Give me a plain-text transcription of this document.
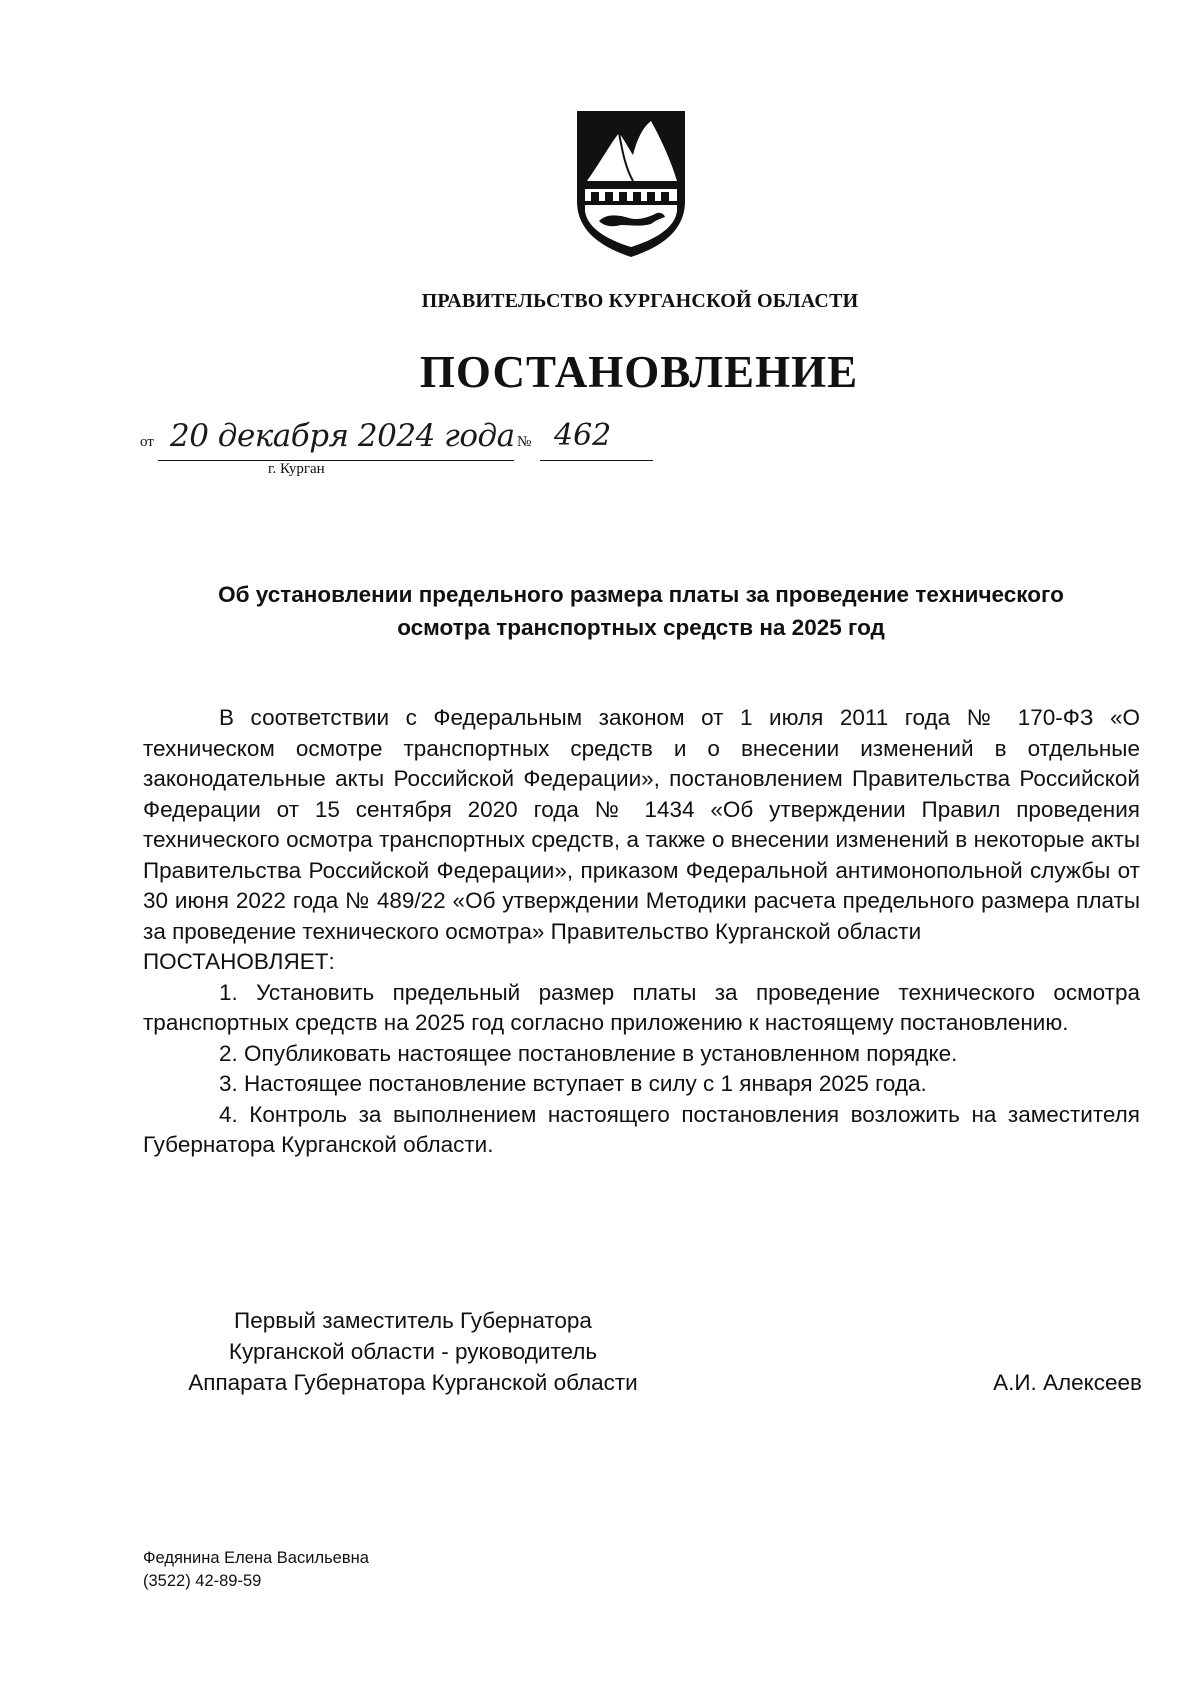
ПРАВИТЕЛЬСТВО КУРГАНСКОЙ ОБЛАСТИ
ПОСТАНОВЛЕНИЕ
от 20 декабря 2024 года № 462
г. Курган
Об установлении предельного размера платы за проведение технического
осмотра транспортных средств на 2025 год

В соответствии с Федеральным законом от 1 июля 2011 года № 170-ФЗ «О техническом осмотре транспортных средств и о внесении изменений в отдельные законодательные акты Российской Федерации», постановлением Правительства Российской Федерации от 15 сентября 2020 года № 1434 «Об утверждении Правил проведения технического осмотра транспортных средств, а также о внесении изменений в некоторые акты Правительства Российской Федерации», приказом Федеральной антимонопольной службы от 30 июня 2022 года № 489/22 «Об утверждении Методики расчета предельного размера платы за проведение технического осмотра» Правительство Курганской области

ПОСТАНОВЛЯЕТ:

1. Установить предельный размер платы за проведение технического осмотра транспортных средств на 2025 год согласно приложению к настоящему постановлению.

2. Опубликовать настоящее постановление в установленном порядке.

3. Настоящее постановление вступает в силу с 1 января 2025 года.

4. Контроль за выполнением настоящего постановления возложить на заместителя Губернатора Курганской области.

Первый заместитель Губернатора
Курганской области - руководитель
Аппарата Губернатора Курганской области	А.И. Алексеев
Федянина Елена Васильевна
(3522) 42-89-59
